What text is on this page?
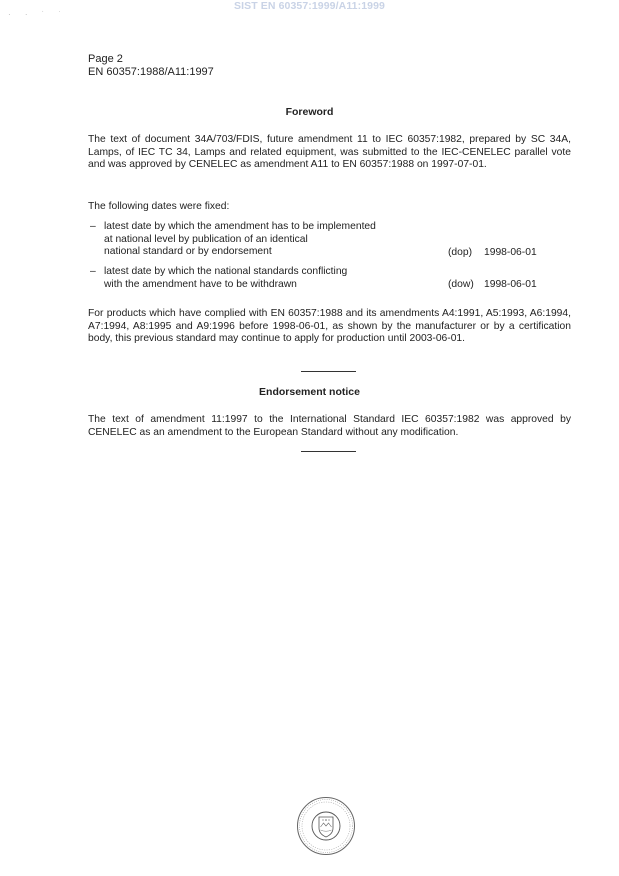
SIST EN 60357:1999/A11:1999
· · ˙ ˙
Page 2
EN 60357:1988/A11:1997
Foreword
The text of document 34A/703/FDIS, future amendment 11 to IEC 60357:1982, prepared by SC 34A, Lamps, of IEC TC 34, Lamps and related equipment, was submitted to the IEC-CENELEC parallel vote and was approved by CENELEC as amendment A11 to EN 60357:1988 on 1997-07-01.
The following dates were fixed:
– latest date by which the amendment has to be implemented
at national level by publication of an identical
national standard or by endorsement	(dop) 1998-06-01
– latest date by which the national standards conflicting
with the amendment have to be withdrawn	(dow) 1998-06-01
For products which have complied with EN 60357:1988 and its amendments A4:1991, A5:1993, A6:1994, A7:1994, A8:1995 and A9:1996 before 1998-06-01, as shown by the manufacturer or by a certification body, this previous standard may continue to apply for production until 2003-06-01.
Endorsement notice
The text of amendment 11:1997 to the International Standard IEC 60357:1982 was approved by CENELEC as an amendment to the European Standard without any modification.
